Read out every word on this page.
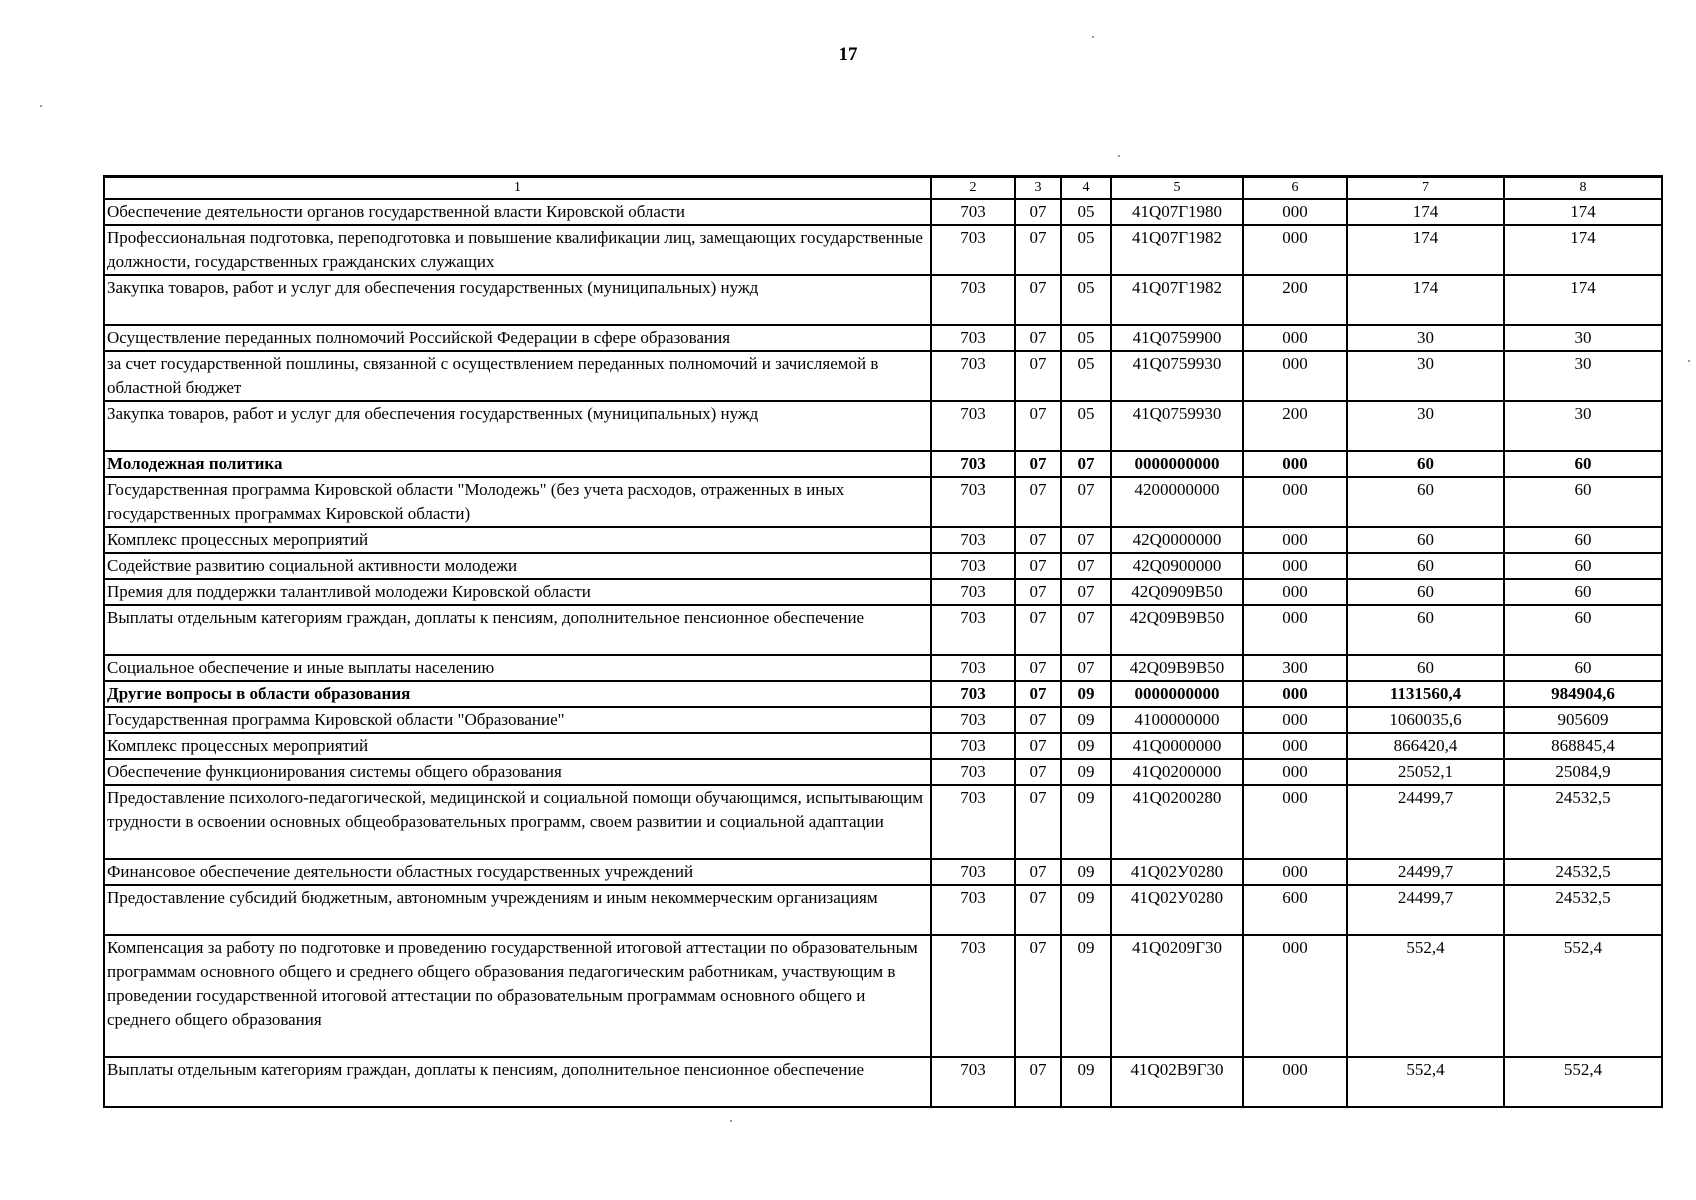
17
1	2	3	4	5	6	7	8
Обеспечение деятельности органов государственной власти Кировской области	703	07	05	41Q07Г1980	000	174	174
Профессиональная подготовка, переподготовка и повышение квалификации лиц, замещающих государственные должности, государственных гражданских служащих	703	07	05	41Q07Г1982	000	174	174
Закупка товаров, работ и услуг для обеспечения государственных (муниципальных) нужд	703	07	05	41Q07Г1982	200	174	174
Осуществление переданных полномочий Российской Федерации в сфере образования	703	07	05	41Q0759900	000	30	30
за счет государственной пошлины, связанной с осуществлением переданных полномочий и зачисляемой в областной бюджет	703	07	05	41Q0759930	000	30	30
Закупка товаров, работ и услуг для обеспечения государственных (муниципальных) нужд	703	07	05	41Q0759930	200	30	30
Молодежная политика	703	07	07	0000000000	000	60	60
Государственная программа Кировской области "Молодежь" (без учета расходов, отраженных в иных государственных программах Кировской области)	703	07	07	4200000000	000	60	60
Комплекс процессных мероприятий	703	07	07	42Q0000000	000	60	60
Содействие развитию социальной активности молодежи	703	07	07	42Q0900000	000	60	60
Премия для поддержки талантливой молодежи Кировской области	703	07	07	42Q0909B50	000	60	60
Выплаты отдельным категориям граждан, доплаты к пенсиям, дополнительное пенсионное обеспечение	703	07	07	42Q09B9B50	000	60	60
Социальное обеспечение и иные выплаты населению	703	07	07	42Q09B9B50	300	60	60
Другие вопросы в области образования	703	07	09	0000000000	000	1131560,4	984904,6
Государственная программа Кировской области "Образование"	703	07	09	4100000000	000	1060035,6	905609
Комплекс процессных мероприятий	703	07	09	41Q0000000	000	866420,4	868845,4
Обеспечение функционирования системы общего образования	703	07	09	41Q0200000	000	25052,1	25084,9
Предоставление психолого-педагогической, медицинской и социальной помощи обучающимся, испытывающим трудности в освоении основных общеобразовательных программ, своем развитии и социальной адаптации	703	07	09	41Q0200280	000	24499,7	24532,5
Финансовое обеспечение деятельности областных государственных учреждений	703	07	09	41Q02У0280	000	24499,7	24532,5
Предоставление субсидий бюджетным, автономным учреждениям и иным некоммерческим организациям	703	07	09	41Q02У0280	600	24499,7	24532,5
Компенсация за работу по подготовке и проведению государственной итоговой аттестации по образовательным программам основного общего и среднего общего образования педагогическим работникам, участвующим в проведении государственной итоговой аттестации по образовательным программам основного общего и среднего общего образования	703	07	09	41Q0209Г30	000	552,4	552,4
Выплаты отдельным категориям граждан, доплаты к пенсиям, дополнительное пенсионное обеспечение	703	07	09	41Q02B9Г30	000	552,4	552,4
